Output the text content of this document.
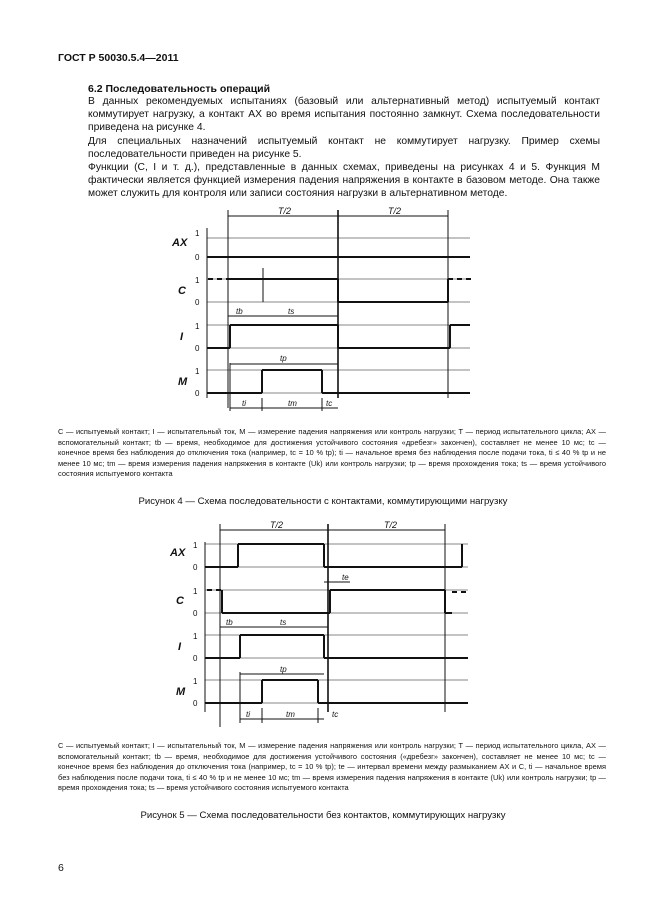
ГОСТ Р 50030.5.4—2011
6.2 Последовательность операций

В данных рекомендуемых испытаниях (базовый или альтернативный метод) испытуемый контакт коммутирует нагрузку, а контакт AX во время испытания постоянно замкнут. Схема последовательности приведена на рисунке 4.

Для специальных назначений испытуемый контакт не коммутирует нагрузку. Пример схемы последовательности приведен на рисунке 5.

Функции (C, I и т. д.), представленные в данных схемах, приведены на рисунках 4 и 5. Функция M фактически является функцией измерения падения напряжения в контакте в базовом методе. Она также может служить для контроля или записи состояния нагрузки в альтернативном методе.

T/2	T/2
AX
C
I
M
1
0
1
0
1
0
1
0
tb	ts
tp
ti	tm	tc

C — испытуемый контакт; I — испытательный ток, M — измерение падения напряжения или контроль нагрузки; T — период испытательного цикла; AX — вспомогательный контакт; tb — время, необходимое для достижения устойчивого состояния «дребезг» закончен), составляет не менее 10 мс; tc — конечное время без наблюдения до отключения тока (например, tc = 10 % tp); ti — начальное время без наблюдения после подачи тока, ti ≤ 40 % tp и не менее 10 мс; tm — время измерения падения напряжения в контакте (Uk) или контроль нагрузки; tp — время прохождения тока; ts — время устойчивого состояния испытуемого контакта

Рисунок 4 — Схема последовательности с контактами, коммутирующими нагрузку
T/2	T/2
AX
C
I
M
1
0
1
0
1
0
1
0
tb	ts
tp
ti	tm	tc
te

C — испытуемый контакт; I — испытательный ток, M — измерение падения напряжения или контроль нагрузки; T — период испытательного цикла, AX — вспомогательный контакт; tb — время, необходимое для достижения устойчивого состояния («дребезг» закончен), составляет не менее 10 мс; tc — конечное время без наблюдения до отключения тока (например, tc = 10 % tp); te — интервал времени между размыканием AX и C, ti — начальное время без наблюдения после подачи тока, ti ≤ 40 % tp и не менее 10 мс; tm — время измерения падения напряжения в контакте (Uk) или контроль нагрузки; tp — время прохождения тока; ts — время устойчивого состояния испытуемого контакта

Рисунок 5 — Схема последовательности без контактов, коммутирующих нагрузку
6
